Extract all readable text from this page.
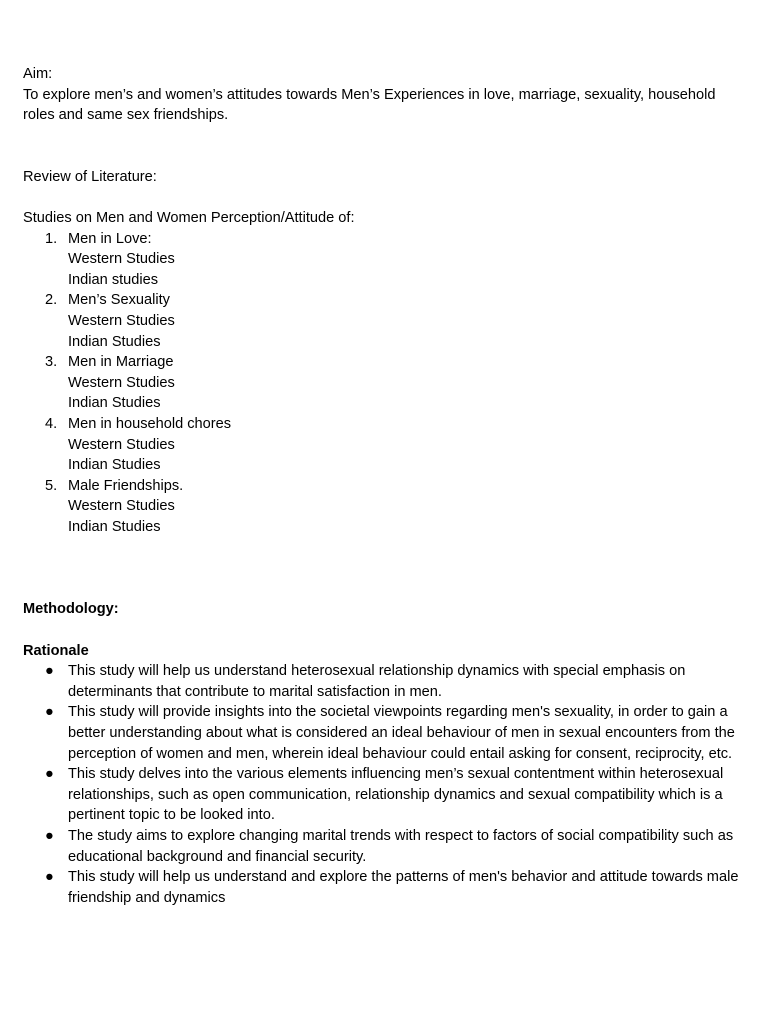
Aim:

To explore men’s and women’s attitudes towards Men’s Experiences in love, marriage, sexuality, household roles and same sex friendships.

Review of Literature:

Studies on Men and Women Perception/Attitude of:

1. Men in Love:
Western Studies
Indian studies
2. Men’s Sexuality
Western Studies
Indian Studies
3. Men in Marriage
Western Studies
Indian Studies
4. Men in household chores
Western Studies
Indian Studies
5. Male Friendships.
Western Studies
Indian Studies

Methodology:

Rationale

● This study will help us understand heterosexual relationship dynamics with special emphasis on determinants that contribute to marital satisfaction in men.
● This study will provide insights into the societal viewpoints regarding men's sexuality, in order to gain a better understanding about what is considered an ideal behaviour of men in sexual encounters from the perception of women and men, wherein ideal behaviour could entail asking for consent, reciprocity, etc.
● This study delves into the various elements influencing men’s sexual contentment within heterosexual relationships, such as open communication, relationship dynamics and sexual compatibility which is a pertinent topic to be looked into.
● The study aims to explore changing marital trends with respect to factors of social compatibility such as educational background and financial security.
● This study will help us understand and explore the patterns of men's behavior and attitude towards male friendship and dynamics
